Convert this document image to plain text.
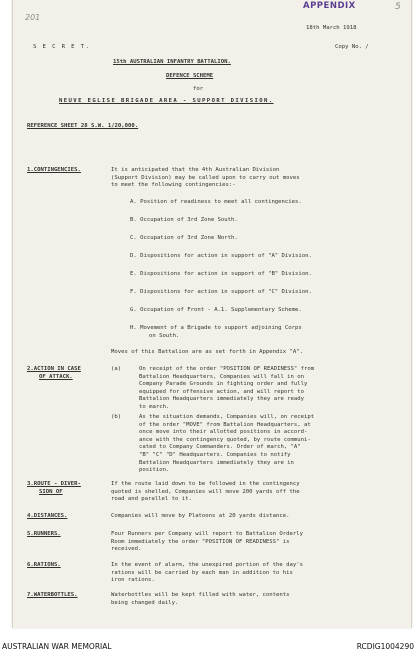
201
APPENDIX	5
18th March 1918
S E C R E T.	Copy No. /
15th AUSTRALIAN INFANTRY BATTALION.
DEFENCE SCHEME
for
NEUVE EGLISE BRIGADE AREA - SUPPORT DIVISION.
REFERENCE SHEET 28 S.W. 1/20,000.
1.CONTINGENCIES.	It is anticipated that the 4th Australian Division
(Support Division) may be called upon to carry out moves
to meet the following contingencies:-
A. Position of readiness to meet all contingencies.
B. Occupation of 3rd Zone South.
C. Occupation of 3rd Zone North.
D. Dispositions for action in support of "A" Division.
E. Dispositions for action in support of "B" Division.
F. Dispositions for action in support of "C" Division.
G. Occupation of Front - A.1. Supplementary Scheme.
H. Movement of a Brigade to support adjoining Corps
on South.
Moves of this Battalion are as set forth in Appendix "A".
2.ACTION IN CASE
OF ATTACK.
(a)	On receipt of the order "POSITION OF READINESS" from
Battalion Headquarters, Companies will fall in on
Company Parade Grounds in fighting order and fully
equipped for offensive action, and will report to
Battalion Headquarters immediately they are ready
to march.
(b)	As the situation demands, Companies will, on receipt
of the order "MOVE" from Battalion Headquarters, at
once move into their allotted positions in accord-
ance with the contingency quoted, by route communi-
cated to Company Commanders. Order of march, "A"
"B" "C" "D" Headquarters. Companies to notify
Battalion Headquarters immediately they are in
position.
3.ROUTE - DIVER-
SION OF
If the route laid down to be followed in the contingency
quoted is shelled, Companies will move 200 yards off the
road and parallel to it.
4.DISTANCES.	Companies will move by Platoons at 20 yards distance.
5.RUNNERS.	Four Runners per Company will report to Battalion Orderly
Room immediately the order "POSITION OF READINESS" is
received.
6.RATIONS.	In the event of alarm, the unexpired portion of the day's
rations will be carried by each man in addition to his
iron rations.
7.WATERBOTTLES.	Waterbottles will be kept filled with water, contents
being changed daily.
AUSTRALIAN WAR MEMORIAL	RCDIG1004290
